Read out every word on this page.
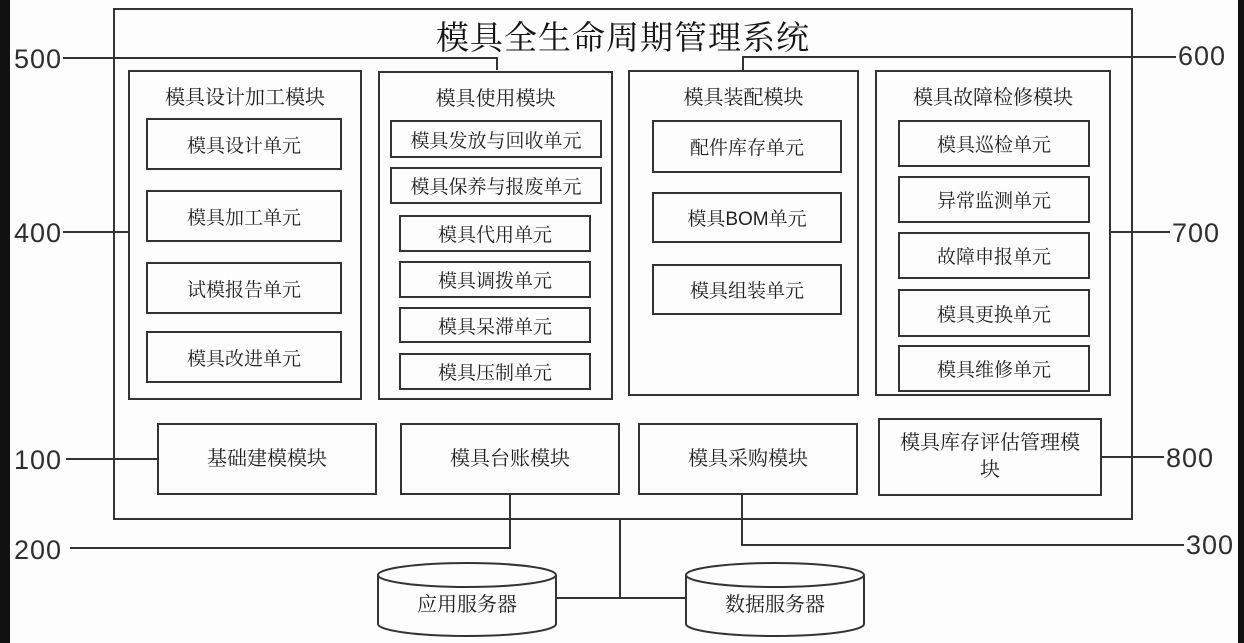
模具全生命周期管理系统
模具设计加工模块
模具设计单元
模具加工单元
试模报告单元
模具改进单元
模具使用模块
模具发放与回收单元
模具保养与报废单元
模具代用单元
模具调拨单元
模具呆滞单元
模具压制单元
模具装配模块
配件库存单元
模具BOM单元
模具组装单元
模具故障检修模块
模具巡检单元
异常监测单元
故障申报单元
模具更换单元
模具维修单元
基础建模模块	模具台账模块	模具采购模块
模具库存评估管理模块
500	600
400	700
100	800
200	300
应用服务器	数据服务器
